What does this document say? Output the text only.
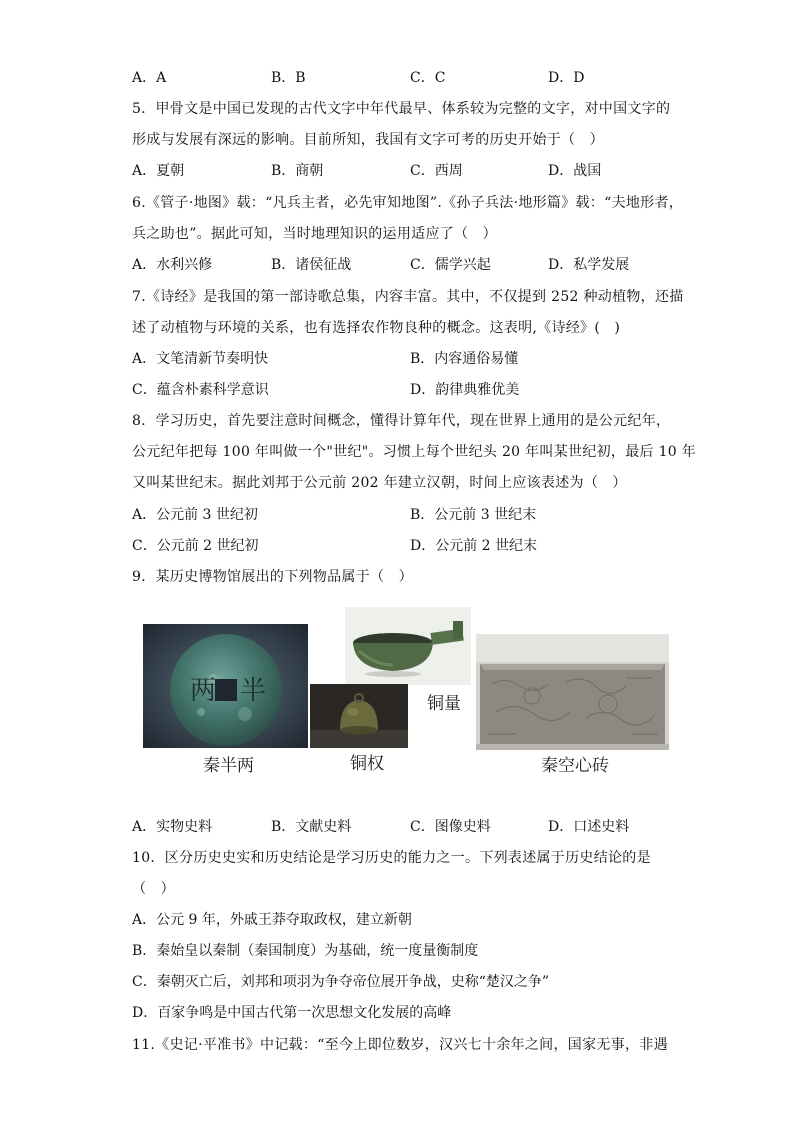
A．A	B．B	C．C	D．D
5．甲骨文是中国已发现的古代文字中年代最早、体系较为完整的文字，对中国文字的
形成与发展有深远的影响。目前所知，我国有文字可考的历史开始于（　）
A．夏朝	B．商朝	C．西周	D．战国
6.《管子·地图》载：“凡兵主者，必先审知地图”.《孙子兵法·地形篇》载：“夫地形者，
兵之助也”。据此可知，当时地理知识的运用适应了（　）
A．水利兴修	B．诸侯征战	C．儒学兴起	D．私学发展
7.《诗经》是我国的第一部诗歌总集，内容丰富。其中，不仅提到 252 种动植物，还描
述了动植物与环境的关系，也有选择农作物良种的概念。这表明,《诗经》(　)
A．文笔清新节奏明快	B．内容通俗易懂
C．蕴含朴素科学意识	D．韵律典雅优美
8．学习历史，首先要注意时间概念，懂得计算年代，现在世界上通用的是公元纪年，
公元纪年把每 100 年叫做一个"世纪"。习惯上每个世纪头 20 年叫某世纪初，最后 10 年
又叫某世纪末。据此刘邦于公元前 202 年建立汉朝，时间上应该表述为（　）
A．公元前 3 世纪初	B．公元前 3 世纪末
C．公元前 2 世纪初	D．公元前 2 世纪末
9．某历史博物馆展出的下列物品属于（　）
两 半
秦半两
铜量
铜权	秦空心砖
A．实物史料	B．文献史料	C．图像史料	D．口述史料
10．区分历史史实和历史结论是学习历史的能力之一。下列表述属于历史结论的是
（　）
A．公元 9 年，外戚王莽夺取政权，建立新朝
B．秦始皇以秦制（秦国制度）为基础，统一度量衡制度
C．秦朝灭亡后，刘邦和项羽为争夺帝位展开争战，史称“楚汉之争”
D．百家争鸣是中国古代第一次思想文化发展的高峰
11.《史记·平准书》中记载：“至今上即位数岁，汉兴七十余年之间，国家无事，非遇
